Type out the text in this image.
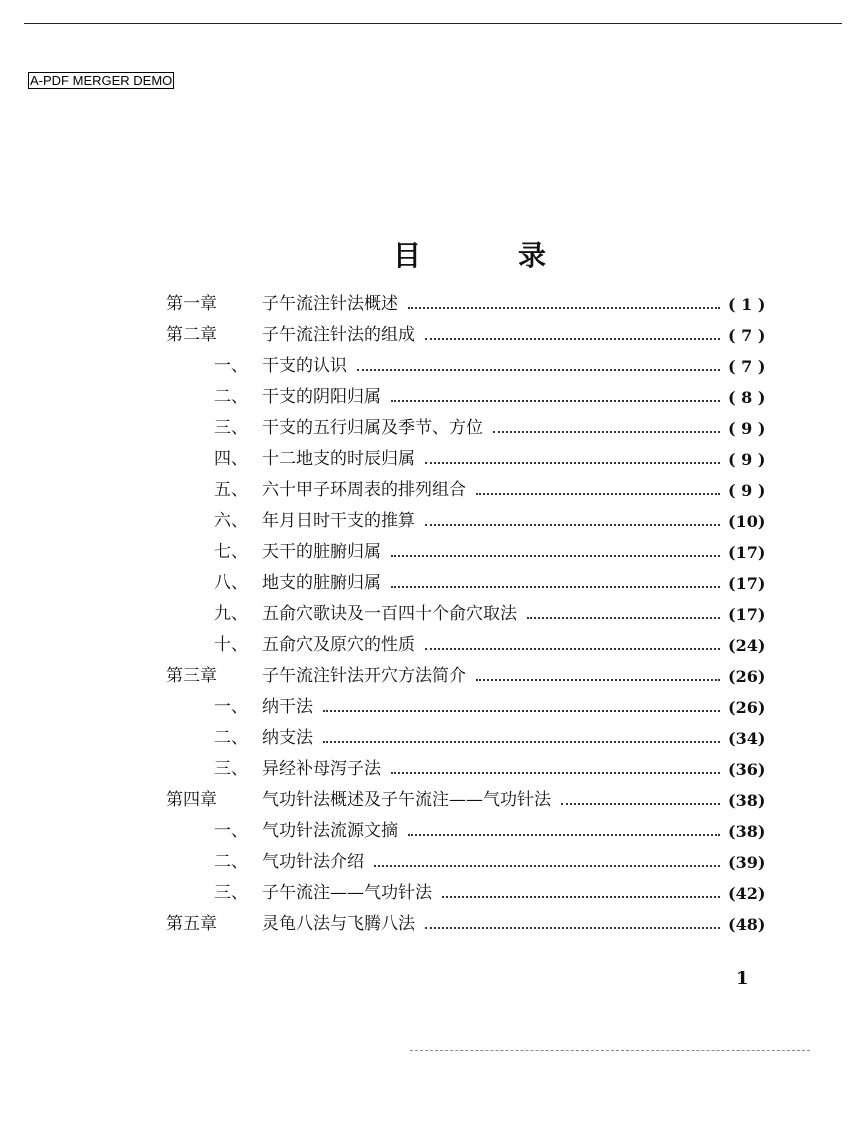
A-PDF MERGER DEMO
目	录
第一章	子午流注针法概述	( 1 )
第二章	子午流注针法的组成	( 7 )
一、 干支的认识	( 7 )
二、 干支的阴阳归属	( 8 )
三、 干支的五行归属及季节、方位	( 9 )
四、 十二地支的时辰归属	( 9 )
五、 六十甲子环周表的排列组合	( 9 )
六、 年月日时干支的推算	(10)
七、 天干的脏腑归属	(17)
八、 地支的脏腑归属	(17)
九、 五俞穴歌诀及一百四十个俞穴取法	(17)
十、 五俞穴及原穴的性质	(24)
第三章	子午流注针法开穴方法简介	(26)
一、 纳干法	(26)
二、 纳支法	(34)
三、 异经补母泻子法	(36)
第四章	气功针法概述及子午流注——气功针法	(38)
一、 气功针法流源文摘	(38)
二、 气功针法介绍	(39)
三、 子午流注——气功针法	(42)
第五章	灵龟八法与飞腾八法	(48)
1
